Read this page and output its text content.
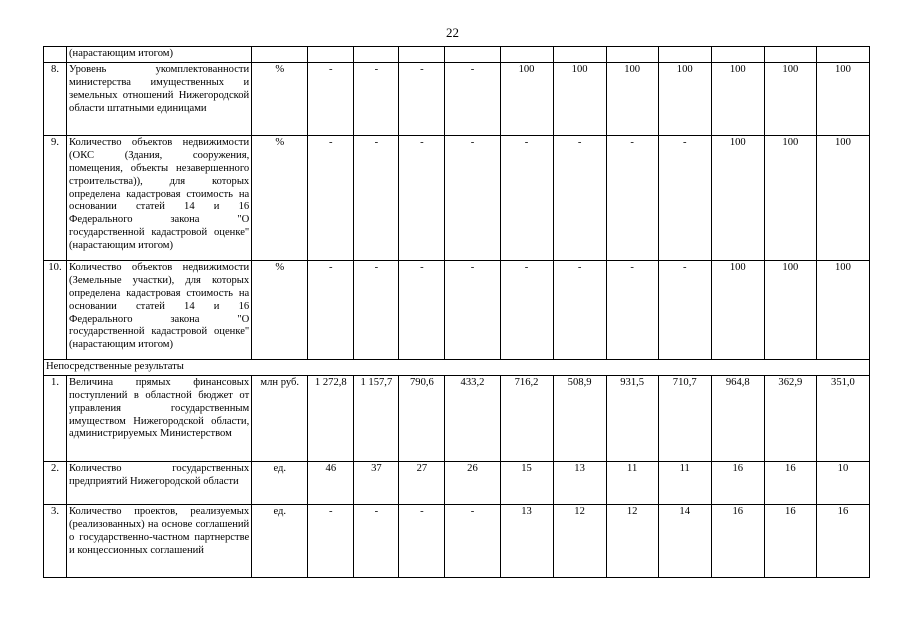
22
	(нарастающим итогом)												
8.	Уровень укомплектованности министерства имущественных и земельных отношений Нижегородской области штатными единицами	%	-	-	-	-	100	100	100	100	100	100	100
9.	Количество объектов недвижимости (ОКС (Здания, сооружения, помещения, объекты незавершенного строительства)), для которых определена кадастровая стоимость на основании статей 14 и 16 Федерального закона "О государственной кадастровой оценке" (нарастающим итогом)	%	-	-	-	-	-	-	-	-	100	100	100
10.	Количество объектов недвижимости (Земельные участки), для которых определена кадастровая стоимость на основании статей 14 и 16 Федерального закона "О государственной кадастровой оценке" (нарастающим итогом)	%	-	-	-	-	-	-	-	-	100	100	100
Непосредственные результаты													
1.	Величина прямых финансовых поступлений в областной бюджет от управления государственным имуществом Нижегородской области, администрируемых Министерством	млн руб.	1 272,8	1 157,7	790,6	433,2	716,2	508,9	931,5	710,7	964,8	362,9	351,0
2.	Количество государственных предприятий Нижегородской области	ед.	46	37	27	26	15	13	11	11	16	16	10
3.	Количество проектов, реализуемых (реализованных) на основе соглашений о государственно-частном партнерстве и концессионных соглашений	ед.	-	-	-	-	13	12	12	14	16	16	16
